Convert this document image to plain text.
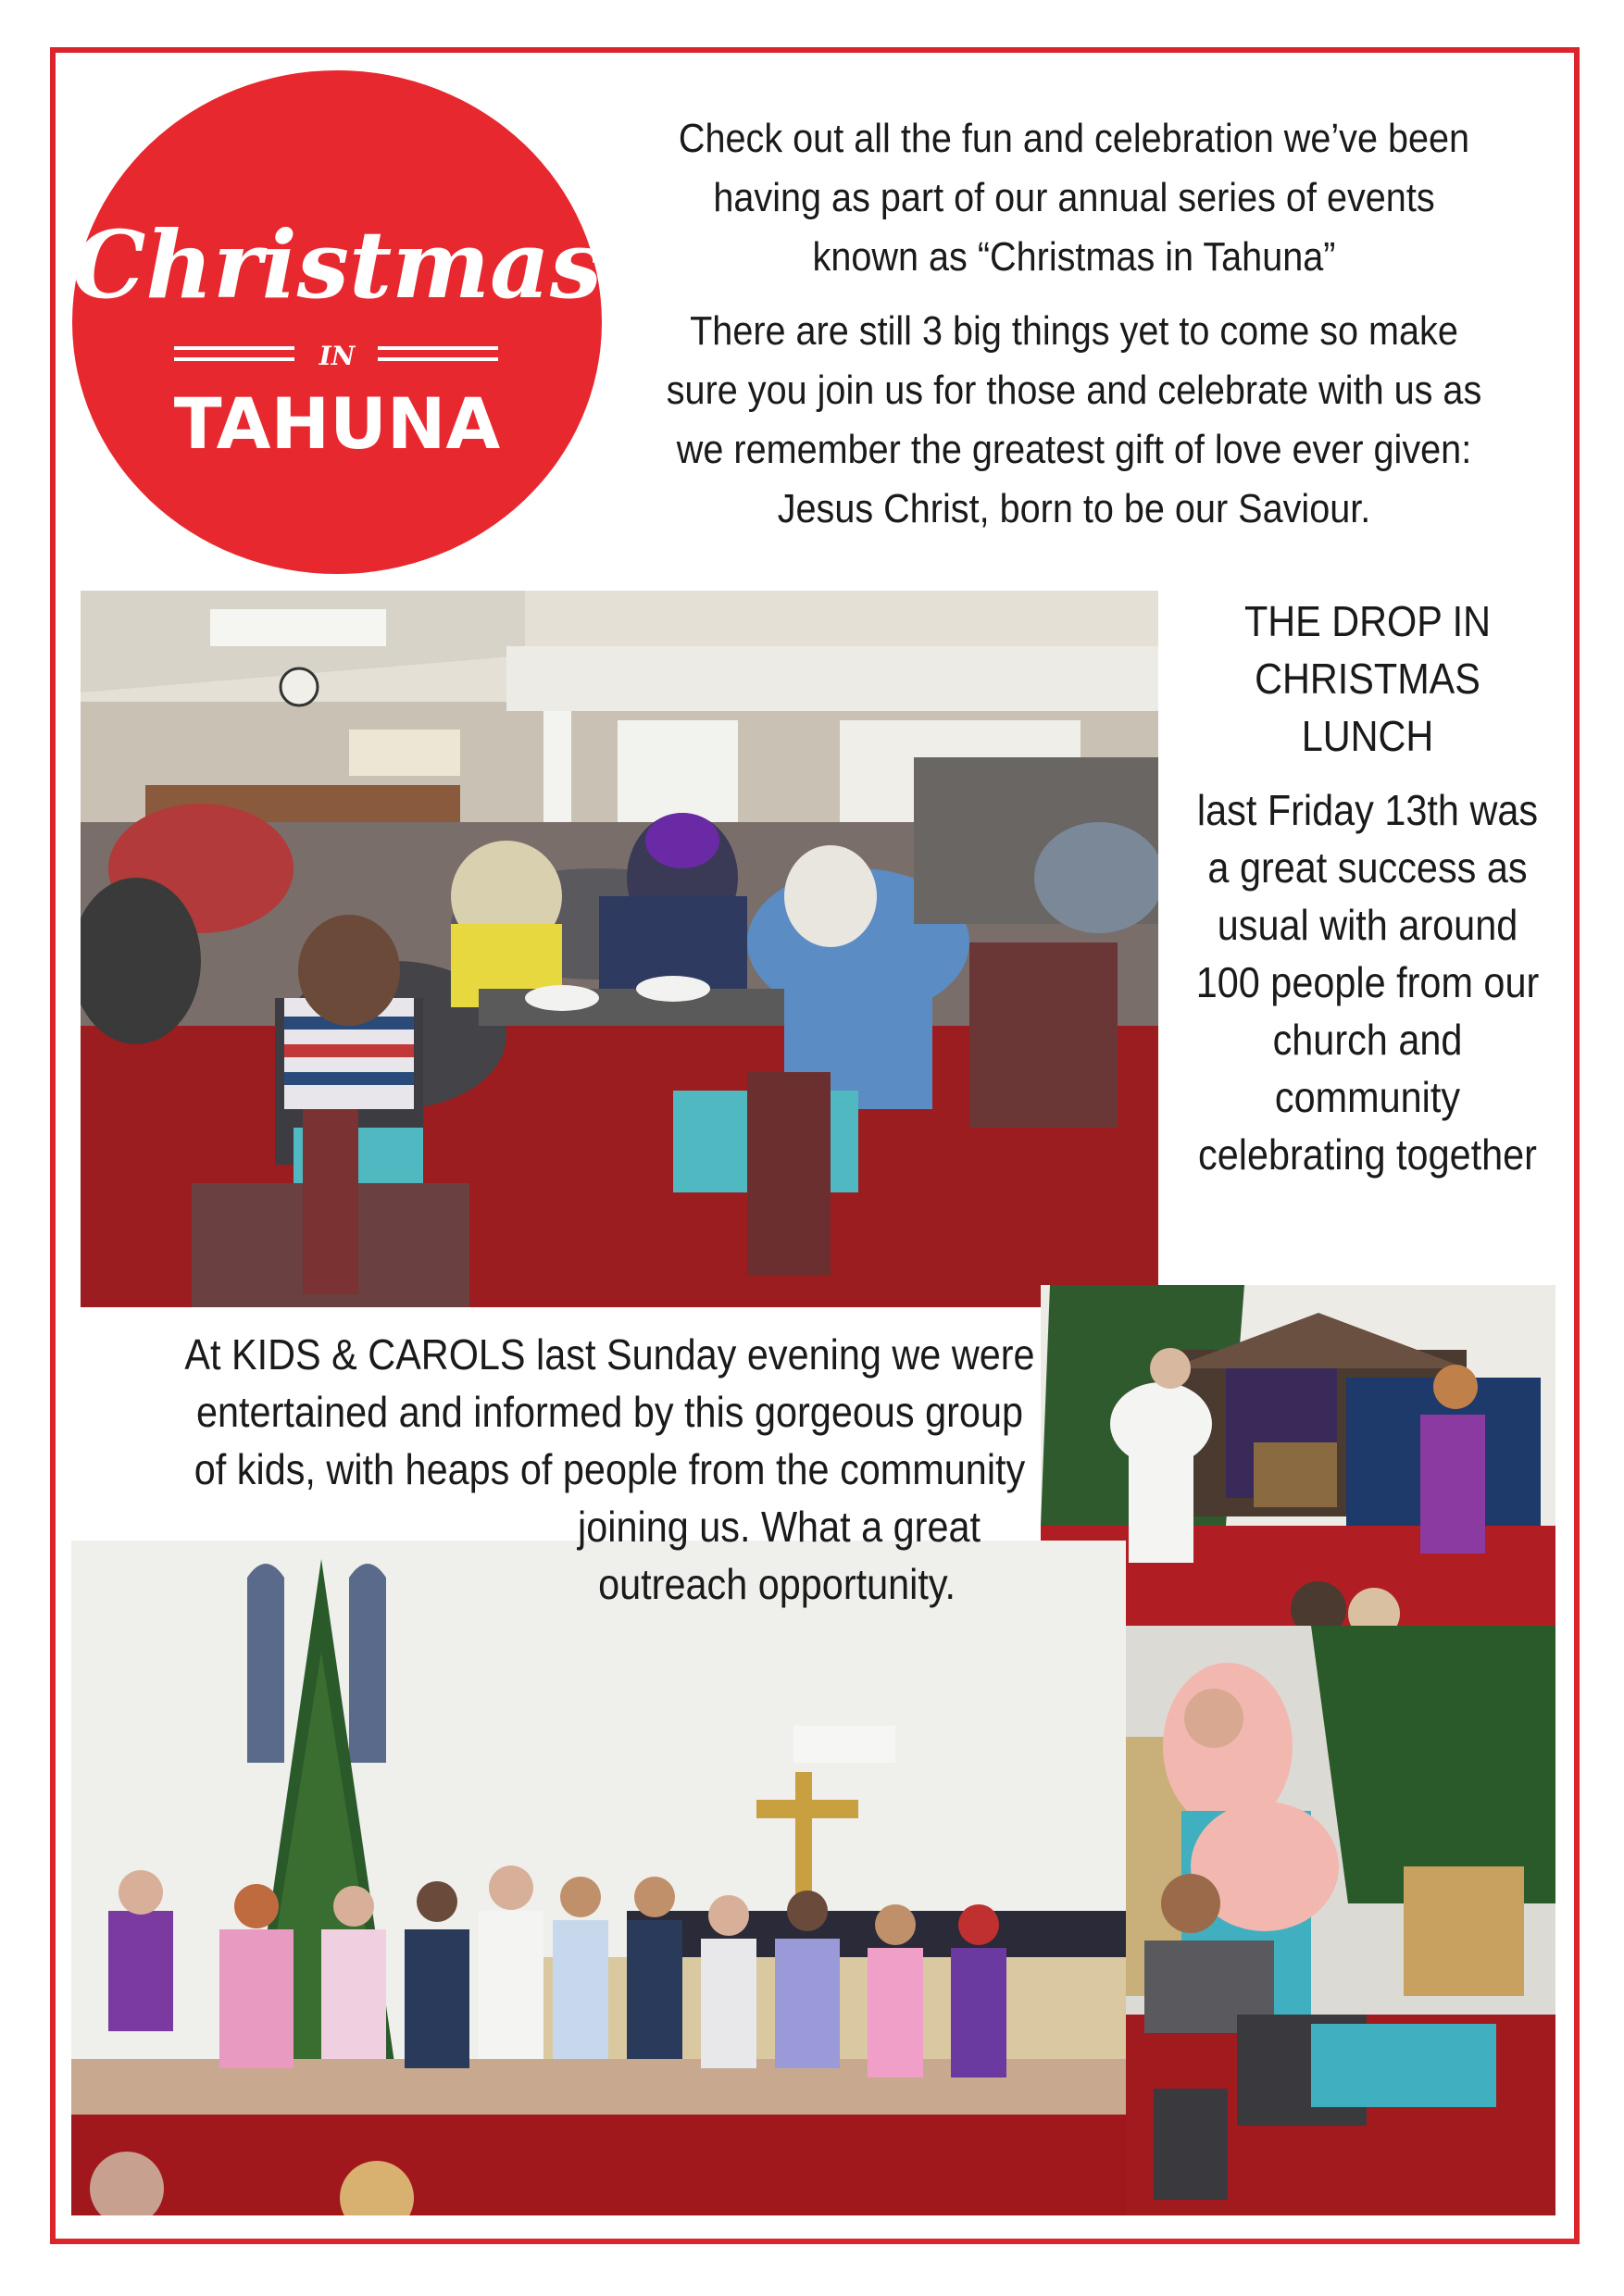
Christmas
IN
TAHUNA

Check out all the fun and celebration we’ve been having as part of our annual series of events known as “Christmas in Tahuna”

There are still 3 big things yet to come so make sure you join us for those and celebrate with us as we remember the greatest gift of love ever given: Jesus Christ, born to be our Saviour.

THE DROP IN CHRISTMAS LUNCH

last Friday 13th was a great success as usual with around 100 people from our church and community celebrating together

At KIDS & CAROLS last Sunday evening we were
entertained and informed by this gorgeous group
of kids, with heaps of people from the community
joining us. What a great
outreach opportunity.
